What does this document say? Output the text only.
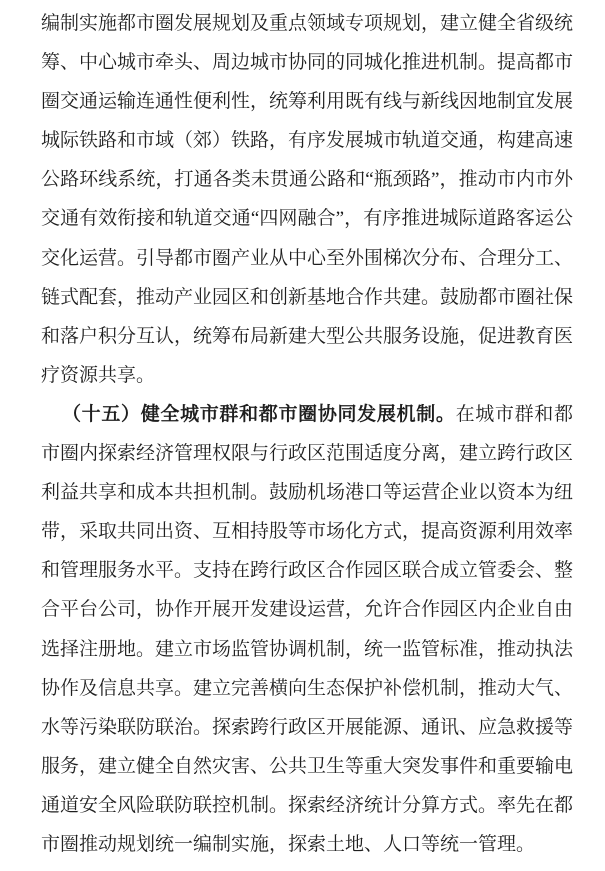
编制实施都市圈发展规划及重点领域专项规划，建立健全省级统筹、中心城市牵头、周边城市协同的同城化推进机制。提高都市圈交通运输连通性便利性，统筹利用既有线与新线因地制宜发展城际铁路和市域（郊）铁路，有序发展城市轨道交通，构建高速公路环线系统，打通各类未贯通公路和“瓶颈路”，推动市内市外交通有效衔接和轨道交通“四网融合”，有序推进城际道路客运公交化运营。引导都市圈产业从中心至外围梯次分布、合理分工、链式配套，推动产业园区和创新基地合作共建。鼓励都市圈社保和落户积分互认，统筹布局新建大型公共服务设施，促进教育医疗资源共享。

（十五）健全城市群和都市圈协同发展机制。在城市群和都市圈内探索经济管理权限与行政区范围适度分离，建立跨行政区利益共享和成本共担机制。鼓励机场港口等运营企业以资本为纽带，采取共同出资、互相持股等市场化方式，提高资源利用效率和管理服务水平。支持在跨行政区合作园区联合成立管委会、整合平台公司，协作开展开发建设运营，允许合作园区内企业自由选择注册地。建立市场监管协调机制，统一监管标准，推动执法协作及信息共享。建立完善横向生态保护补偿机制，推动大气、水等污染联防联治。探索跨行政区开展能源、通讯、应急救援等服务，建立健全自然灾害、公共卫生等重大突发事件和重要输电通道安全风险联防联控机制。探索经济统计分算方式。率先在都市圈推动规划统一编制实施，探索土地、人口等统一管理。
